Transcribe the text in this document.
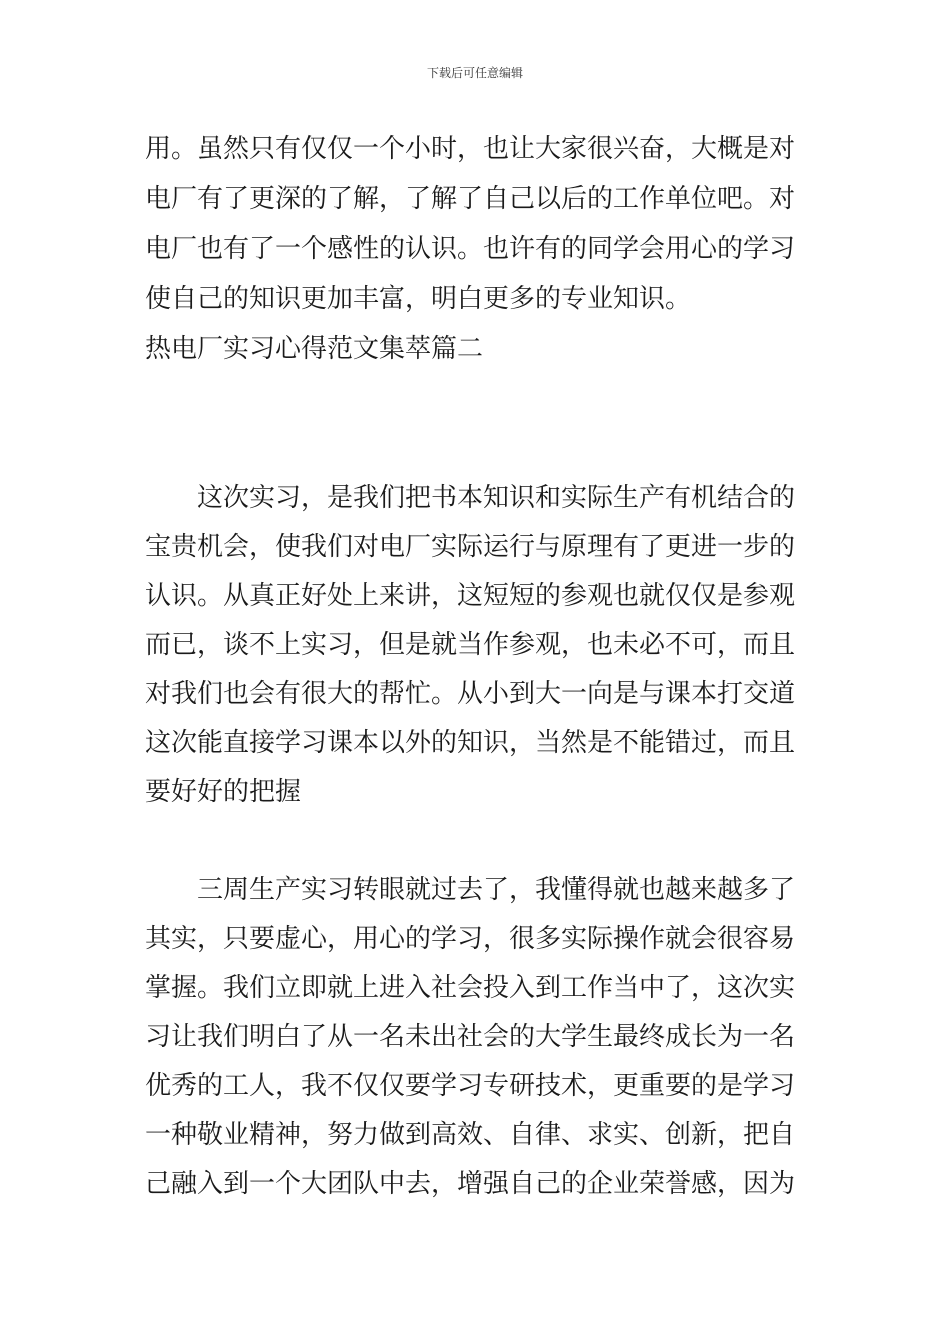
下载后可任意编辑
用。虽然只有仅仅一个小时，也让大家很兴奋，大概是对
电厂有了更深的了解，了解了自己以后的工作单位吧。对
电厂也有了一个感性的认识。也许有的同学会用心的学习
使自己的知识更加丰富，明白更多的专业知识。
热电厂实习心得范文集萃篇二
这次实习，是我们把书本知识和实际生产有机结合的
宝贵机会，使我们对电厂实际运行与原理有了更进一步的
认识。从真正好处上来讲，这短短的参观也就仅仅是参观
而已，谈不上实习，但是就当作参观，也未必不可，而且
对我们也会有很大的帮忙。从小到大一向是与课本打交道
这次能直接学习课本以外的知识，当然是不能错过，而且
要好好的把握
三周生产实习转眼就过去了，我懂得就也越来越多了
其实，只要虚心，用心的学习，很多实际操作就会很容易
掌握。我们立即就上进入社会投入到工作当中了，这次实
习让我们明白了从一名未出社会的大学生最终成长为一名
优秀的工人，我不仅仅要学习专研技术，更重要的是学习
一种敬业精神，努力做到高效、自律、求实、创新，把自
己融入到一个大团队中去，增强自己的企业荣誉感，因为
